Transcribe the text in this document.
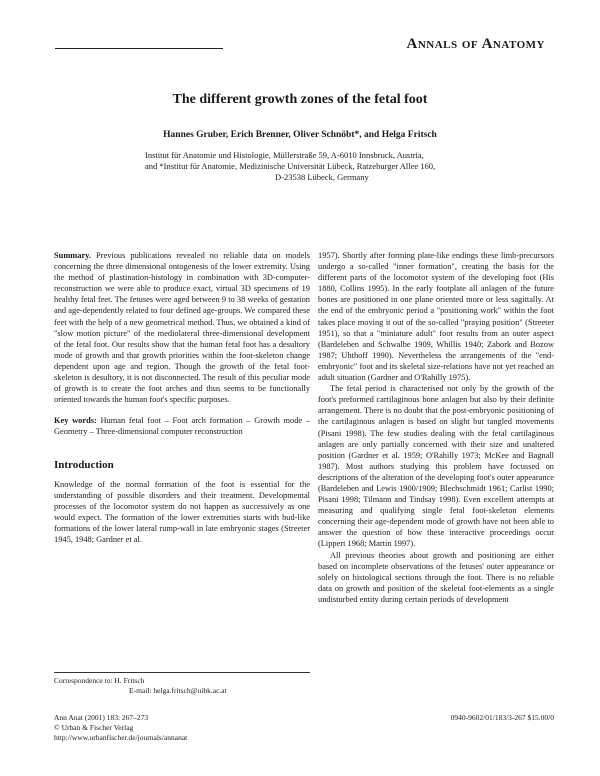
Annals of Anatomy
The different growth zones of the fetal foot
Hannes Gruber, Erich Brenner, Oliver Schnöbt*, and Helga Fritsch

Institut für Anatomie und Histologie, Müllerstraße 59, A-6010 Innsbruck, Austria,

and *Institut für Anatomie, Medizinische Universität Lübeck, Ratzeburger Allee 160,

D-23538 Lübeck, Germany

Summary. Previous publications revealed no reliable data on models concerning the three dimensional ontogenesis of the lower extremity. Using the method of plastination-histology in combination with 3D-computer-reconstruction we were able to produce exact, virtual 3D specimens of 19 healthy fetal feet. The fetuses were aged between 9 to 38 weeks of gestation and age-dependently related to four defined age-groups. We compared these feet with the help of a new geometrical method. Thus, we obtained a kind of "slow motion picture" of the mediolateral three-dimensional development of the fetal foot. Our results show that the human fetal foot has a desultory mode of growth and that growth priorities within the foot-skeleton change dependent upon age and region. Though the growth of the fetal foot-skeleton is desultory, it is not disconnected. The result of this peculiar mode of growth is to create the foot arches and thus seems to be functionally oriented towards the human foot's specific purposes.

Key words: Human fetal foot – Foot arch formation – Growth mode – Geometry – Three-dimensional computer reconstruction

Introduction

Knowledge of the normal formation of the foot is essential for the understanding of possible disorders and their treatment. Developmental processes of the locomotor system do not happen as successively as one would expect. The formation of the lower extremities starts with bud-like formations of the lower lateral rump-wall in late embryonic stages (Streeter 1945, 1948; Gardner et al.

1957). Shortly after forming plate-like endings these limb-precursors undergo a so-called "inner formation", creating the basis for the different parts of the locomotor system of the developing foot (His 1880, Collins 1995). In the early footplate all anlagen of the future bones are positioned in one plane oriented more or less sagittally. At the end of the embryonic period a "positioning work" within the foot takes place moving it out of the so-called "praying position" (Streeter 1951), so that a "miniature adult" foot results from an outer aspect (Bardeleben and Schwalbe 1909, Whillis 1940; Zabork and Bozow 1987; Uhthoff 1990). Nevertheless the arrangements of the "end-embryonic" foot and its skeletal size-relations have not yet reached an adult situation (Gardner and O'Rahilly 1975).

The fetal period is characterised not only by the growth of the foot's preformed cartilaginous bone anlagen but also by their definite arrangement. There is no doubt that the post-embryonic positioning of the cartilaginous anlagen is based on slight but tangled movements (Pisani 1998). The few studies dealing with the fetal cartilaginous anlagen are only partially concerned with their size and unaltered position (Gardner et al. 1959; O'Rahilly 1973; McKee and Bagnall 1987). Most authors studying this problem have focussed on descriptions of the alteration of the developing foot's outer appearance (Bardeleben and Lewis 1900/1909; Blechschmidt 1961; Carlist 1990; Pisani 1998; Tilmann and Tindsay 1998). Even excellent attempts at measuring and qualifying single fetal foot-skeleton elements concerning their age-dependent mode of growth have not been able to answer the question of how these interactive proceedings occur (Lippert 1968; Martin 1997).

All previous theories about growth and positioning are either based on incomplete observations of the fetuses' outer appearance or solely on histological sections through the foot. There is no reliable data on growth and position of the skeletal foot-elements as a single undisturbed entity during certain periods of development

Correspondence to: H. Fritsch
E-mail: helga.fritsch@uibk.ac.at
Ann Anat (2001) 183: 267–273
© Urban & Fischer Verlag
http://www.urbanfischer.de/journals/annanat
0940-9602/01/183/3-267 $15.00/0
